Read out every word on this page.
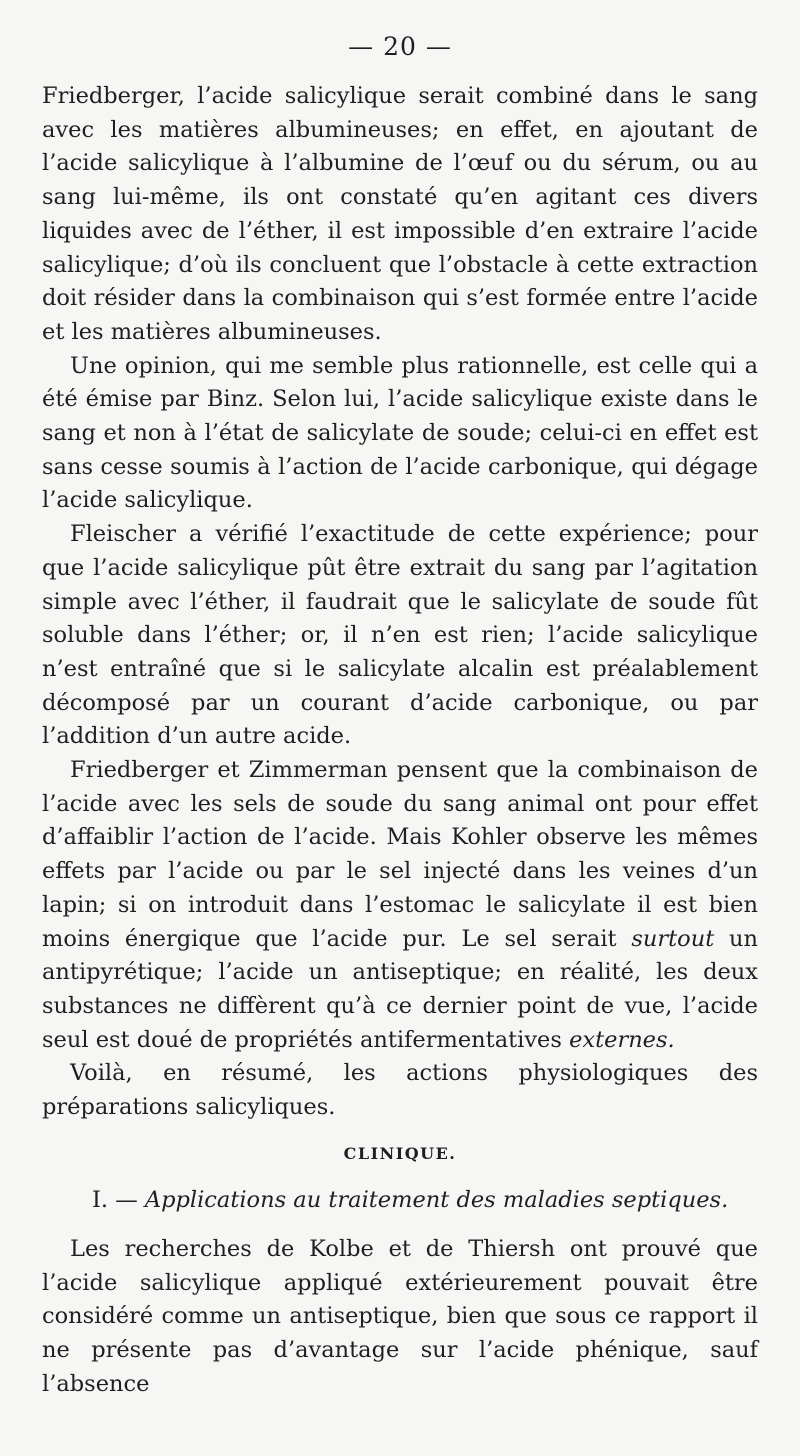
— 20 —

Friedberger, l’acide salicylique serait combiné dans le sang avec les matières albumineuses; en effet, en ajoutant de l’acide salicylique à l’albumine de l’œuf ou du sérum, ou au sang lui-même, ils ont constaté qu’en agitant ces divers liquides avec de l’éther, il est impossible d’en extraire l’acide salicylique; d’où ils concluent que l’obstacle à cette extraction doit résider dans la combinaison qui s’est formée entre l’acide et les matières albumineuses.

Une opinion, qui me semble plus rationnelle, est celle qui a été émise par Binz. Selon lui, l’acide salicylique existe dans le sang et non à l’état de salicylate de soude; celui-ci en effet est sans cesse soumis à l’action de l’acide carbonique, qui dégage l’acide salicylique.

Fleischer a vérifié l’exactitude de cette expérience; pour que l’acide salicylique pût être extrait du sang par l’agitation simple avec l’éther, il faudrait que le salicylate de soude fût soluble dans l’éther; or, il n’en est rien; l’acide salicylique n’est entraîné que si le salicylate alcalin est préalablement décomposé par un courant d’acide carbonique, ou par l’addition d’un autre acide.

Friedberger et Zimmerman pensent que la combinaison de l’acide avec les sels de soude du sang animal ont pour effet d’affaiblir l’action de l’acide. Mais Kohler observe les mêmes effets par l’acide ou par le sel injecté dans les veines d’un lapin; si on introduit dans l’estomac le salicylate il est bien moins énergique que l’acide pur. Le sel serait surtout un antipyrétique; l’acide un antiseptique; en réalité, les deux substances ne diffèrent qu’à ce dernier point de vue, l’acide seul est doué de propriétés antifermentatives externes.

Voilà, en résumé, les actions physiologiques des préparations salicyliques.

CLINIQUE.
I. — Applications au traitement des maladies septiques.

Les recherches de Kolbe et de Thiersh ont prouvé que l’acide salicylique appliqué extérieurement pouvait être considéré comme un antiseptique, bien que sous ce rapport il ne présente pas d’avantage sur l’acide phénique, sauf l’absence
